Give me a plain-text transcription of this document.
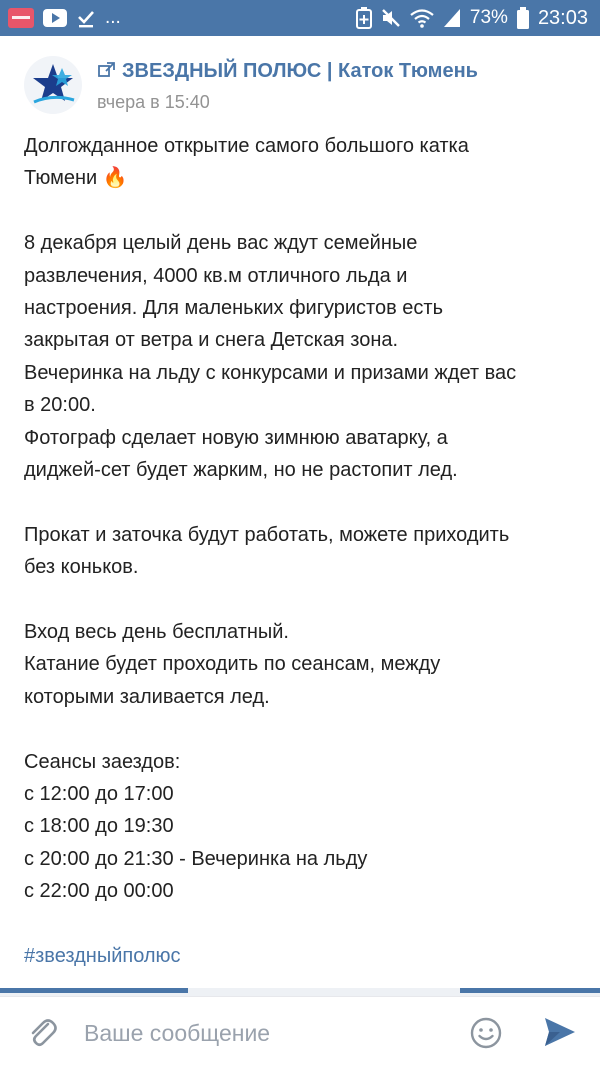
...	73% 23:03
ЗВЕЗДНЫЙ ПОЛЮС | Каток Тюмень
вчера в 15:40

Долгожданное открытие самого большого катка

Тюмени 🔥

8 декабря целый день вас ждут семейные

развлечения, 4000 кв.м отличного льда и

настроения. Для маленьких фигуристов есть

закрытая от ветра и снега Детская зона.

Вечеринка на льду с конкурсами и призами ждет вас

в 20:00.

Фотограф сделает новую зимнюю аватарку, а

диджей-сет будет жарким, но не растопит лед.

Прокат и заточка будут работать, можете приходить

без коньков.

Вход весь день бесплатный.

Катание будет проходить по сеансам, между

которыми заливается лед.

Сеансы заездов:

с 12:00 до 17:00

с 18:00 до 19:30

с 20:00 до 21:30 - Вечеринка на льду

с 22:00 до 00:00

#звездныйполюс

Ваше сообщение
